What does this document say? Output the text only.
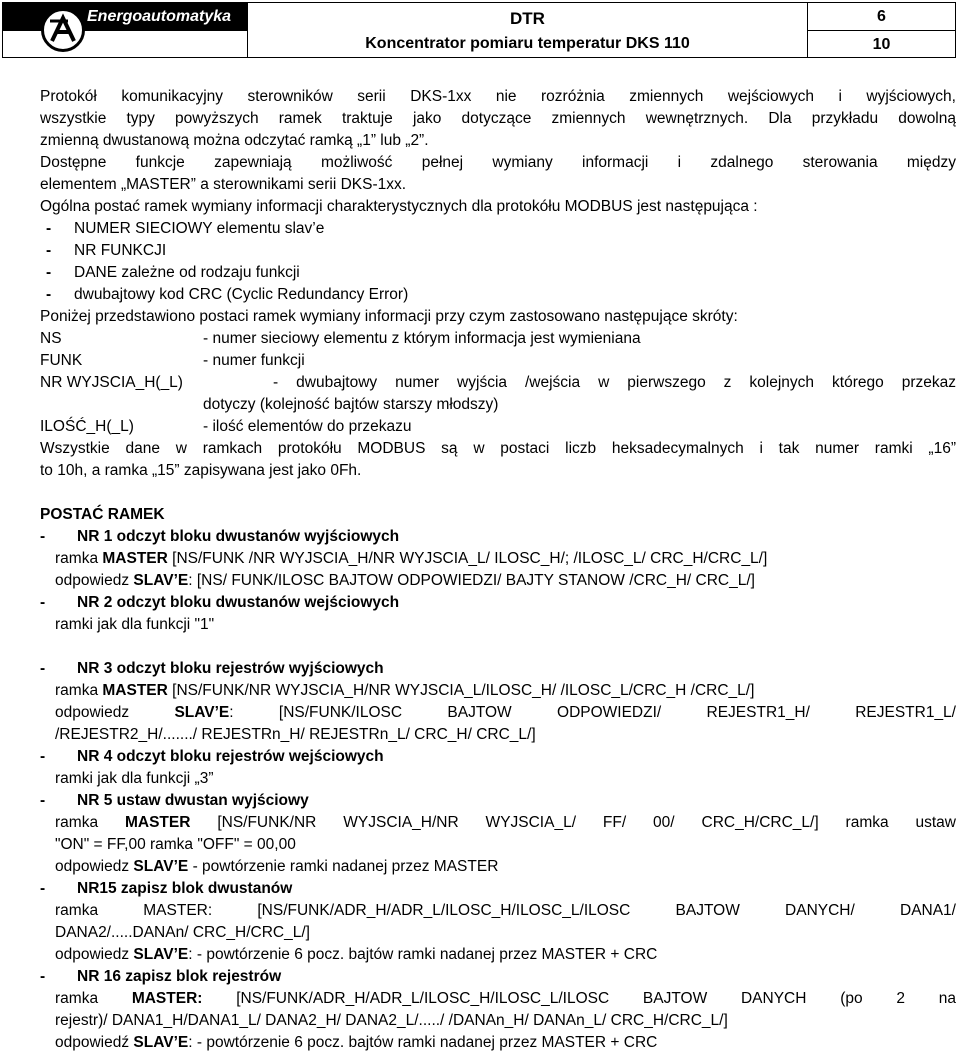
Energoautomatyka	DTR
Koncentrator pomiaru temperatur DKS 110
6
10

Protokół komunikacyjny sterowników serii DKS-1xx nie rozróżnia zmiennych wejściowych i wyjściowych,

wszystkie typy powyższych ramek traktuje jako dotyczące zmiennych wewnętrznych. Dla przykładu dowolną

zmienną dwustanową można odczytać ramką „1” lub „2”.

Dostępne funkcje zapewniają możliwość pełnej wymiany informacji i zdalnego sterowania między

elementem „MASTER” a sterownikami serii DKS-1xx.

Ogólna postać ramek wymiany informacji charakterystycznych dla protokółu MODBUS jest następująca :

- NUMER SIECIOWY elementu slav’e
- NR FUNKCJI
- DANE zależne od rodzaju funkcji
- dwubajtowy kod CRC (Cyclic Redundancy Error)

Poniżej przedstawiono postaci ramek wymiany informacji przy czym zastosowano następujące skróty:

NS	- numer sieciowy elementu z którym informacja jest wymieniana
FUNK	- numer funkcji
NR WYJSCIA_H(_L)	- dwubajtowy numer wyjścia /wejścia w pierwszego z kolejnych którego przekaz
dotyczy (kolejność bajtów starszy młodszy)
ILOŚĆ_H(_L)	- ilość elementów do przekazu

Wszystkie dane w ramkach protokółu MODBUS są w postaci liczb heksadecymalnych i tak numer ramki „16”

to 10h, a ramka „15” zapisywana jest jako 0Fh.

POSTAĆ RAMEK

- NR 1 odczyt bloku dwustanów wyjściowych
ramka MASTER [NS/FUNK /NR WYJSCIA_H/NR WYJSCIA_L/ ILOSC_H/; /ILOSC_L/ CRC_H/CRC_L/]
odpowiedz SLAV’E: [NS/ FUNK/ILOSC BAJTOW ODPOWIEDZI/ BAJTY STANOW /CRC_H/ CRC_L/]
- NR 2 odczyt bloku dwustanów wejściowych
ramki jak dla funkcji "1"
- NR 3 odczyt bloku rejestrów wyjściowych
ramka MASTER [NS/FUNK/NR WYJSCIA_H/NR WYJSCIA_L/ILOSC_H/ /ILOSC_L/CRC_H /CRC_L/]
odpowiedz SLAV’E: [NS/FUNK/ILOSC BAJTOW ODPOWIEDZI/ REJESTR1_H/ REJESTR1_L/
/REJESTR2_H/......./ REJESTRn_H/ REJESTRn_L/ CRC_H/ CRC_L/]
- NR 4 odczyt bloku rejestrów wejściowych
ramki jak dla funkcji „3”
- NR 5 ustaw dwustan wyjściowy
ramka MASTER [NS/FUNK/NR WYJSCIA_H/NR WYJSCIA_L/ FF/ 00/ CRC_H/CRC_L/] ramka ustaw
"ON" = FF,00 ramka "OFF" = 00,00
odpowiedz SLAV’E - powtórzenie ramki nadanej przez MASTER
- NR15 zapisz blok dwustanów
ramka MASTER: [NS/FUNK/ADR_H/ADR_L/ILOSC_H/ILOSC_L/ILOSC BAJTOW DANYCH/ DANA1/
DANA2/.....DANAn/ CRC_H/CRC_L/]
odpowiedz SLAV’E: - powtórzenie 6 pocz. bajtów ramki nadanej przez MASTER + CRC
- NR 16 zapisz blok rejestrów
ramka MASTER: [NS/FUNK/ADR_H/ADR_L/ILOSC_H/ILOSC_L/ILOSC BAJTOW DANYCH (po 2 na
rejestr)/ DANA1_H/DANA1_L/ DANA2_H/ DANA2_L/...../ /DANAn_H/ DANAn_L/ CRC_H/CRC_L/]
odpowiedź SLAV’E: - powtórzenie 6 pocz. bajtów ramki nadanej przez MASTER + CRC
